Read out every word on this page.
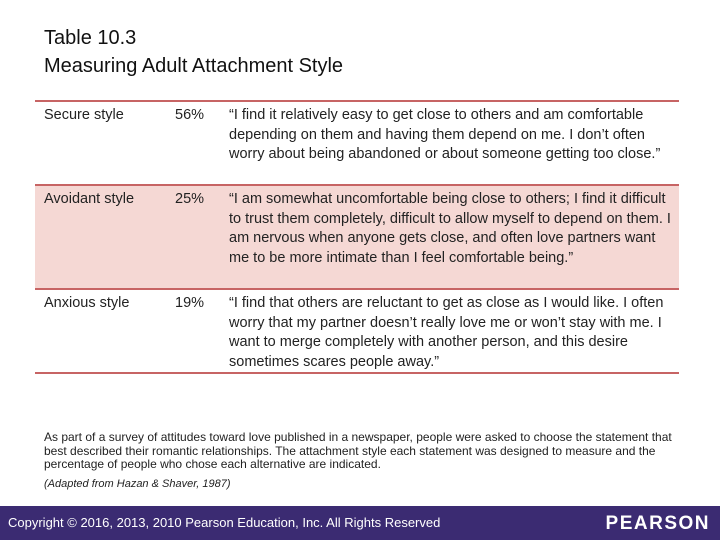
Table 10.3
Measuring Adult Attachment Style
Secure style	56% “I find it relatively easy to get close to others and am comfortable depending on them and having them depend on me. I don’t often worry about being abandoned or about someone getting too close.”
Avoidant style	25% “I am somewhat uncomfortable being close to others; I find it difficult to trust them completely, difficult to allow myself to depend on them. I am nervous when anyone gets close, and often love partners want me to be more intimate than I feel comfortable being.”
Anxious style	19% “I find that others are reluctant to get as close as I would like. I often worry that my partner doesn’t really love me or won’t stay with me. I want to merge completely with another person, and this desire sometimes scares people away.”
As part of a survey of attitudes toward love published in a newspaper, people were asked to choose the statement that best described their romantic relationships. The attachment style each statement was designed to measure and the percentage of people who chose each alternative are indicated.
(Adapted from Hazan & Shaver, 1987)
Copyright © 2016, 2013, 2010 Pearson Education, Inc. All Rights Reserved	PEARSON
